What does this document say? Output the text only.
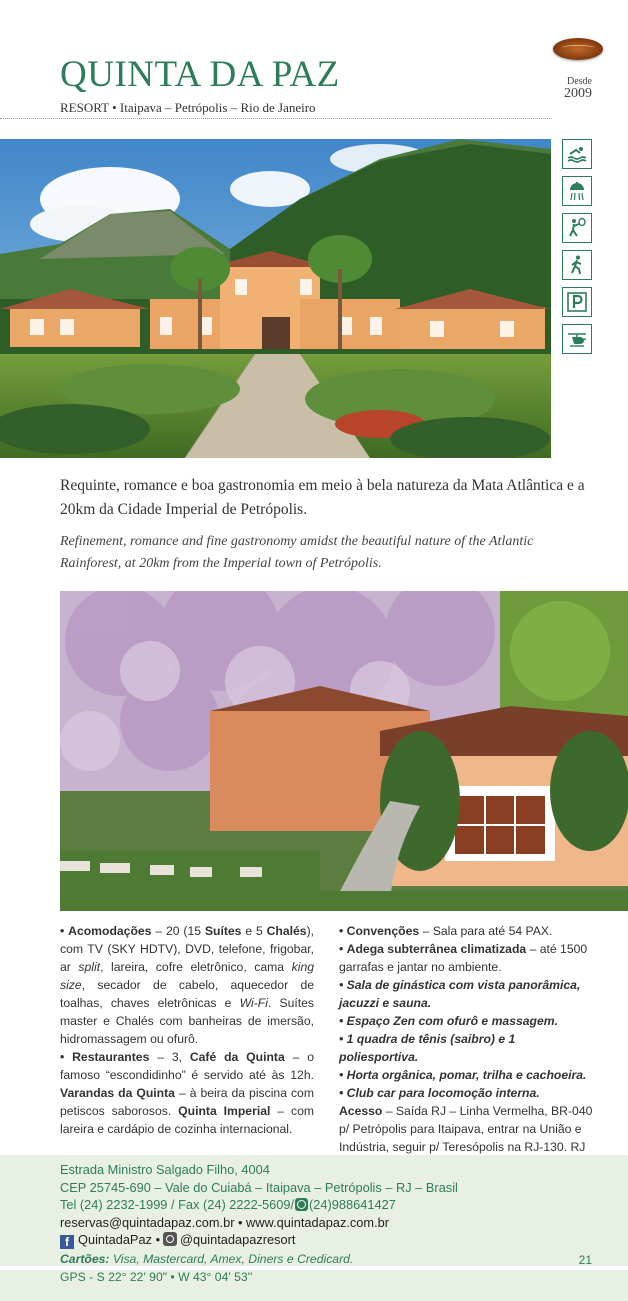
QUINTA DA PAZ
RESORT • Itaipava – Petrópolis – Rio de Janeiro
Desde
2009
Requinte, romance e boa gastronomia em meio à bela natureza da Mata Atlântica e a 20km da Cidade Imperial de Petrópolis.
Refinement, romance and fine gastronomy amidst the beautiful nature of the Atlantic Rainforest, at 20km from the Imperial town of Petrópolis.

• Acomodações – 20 (15 Suítes e 5 Chalés), com TV (SKY HDTV), DVD, telefone, frigobar, ar split, lareira, cofre eletrônico, cama king size, secador de cabelo, aquecedor de toalhas, chaves eletrônicas e Wi-Fi. Suítes master e Chalés com banheiras de imersão, hidromassagem ou ofurô.

• Restaurantes – 3, Café da Quinta – o famoso “escondidinho” é servido até às 12h. Varandas da Quinta – à beira da piscina com petiscos saborosos. Quinta Imperial – com lareira e cardápio de cozinha internacional.

• Convenções – Sala para até 54 PAX.

• Adega subterrânea climatizada – até 1500 garrafas e jantar no ambiente.

• Sala de ginástica com vista panorâmica, jacuzzi e sauna.

• Espaço Zen com ofurô e massagem.

• 1 quadra de tênis (saibro) e 1 poliesportiva.

• Horta orgânica, pomar, trilha e cachoeira.

• Club car para locomoção interna.

Acesso – Saída RJ – Linha Vermelha, BR-040 p/ Petrópolis para Itaipava, entrar na União e Indústria, seguir p/ Teresópolis na RJ-130. RJ

Estrada Ministro Salgado Filho, 4004
CEP 25745-690 – Vale do Cuiabá – Itaipava – Petrópolis – RJ – Brasil
Tel (24) 2232-1999 / Fax (24) 2222-5609/ (24)988641427
reservas@quintadapaz.com.br • www.quintadapaz.com.br
f QuintadaPaz • @quintadapazresort
Cartões: Visa, Mastercard, Amex, Diners e Credicard.
GPS - S 22° 22' 90" • W 43° 04' 53''
21
